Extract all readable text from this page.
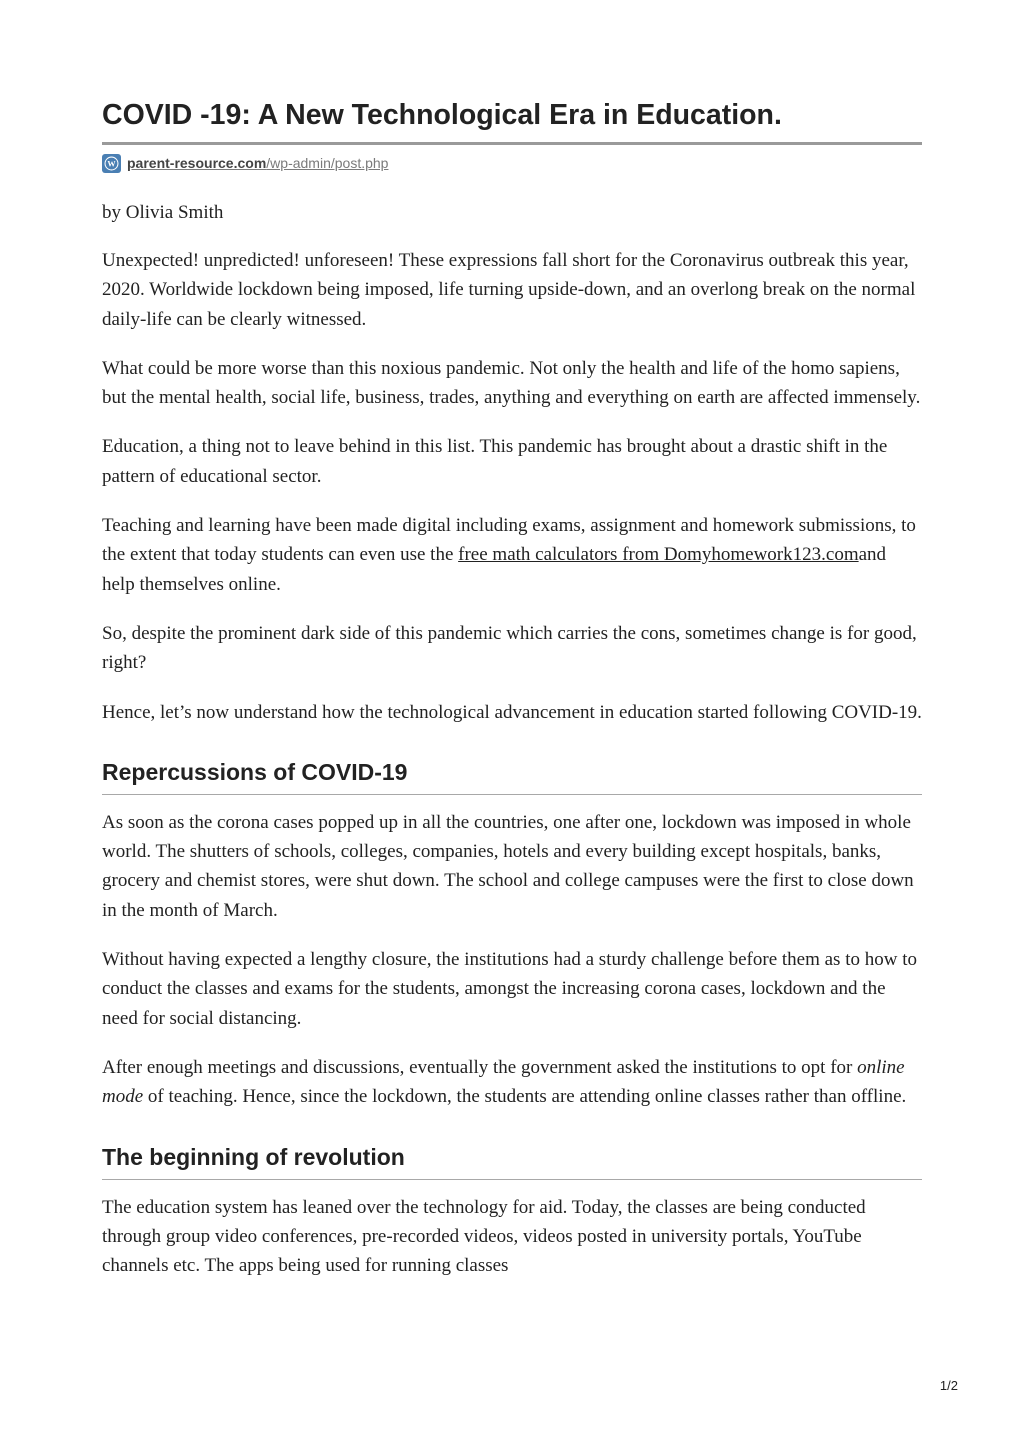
COVID -19: A New Technological Era in Education.
W parent-resource.com/wp-admin/post.php

by Olivia Smith

Unexpected! unpredicted! unforeseen! These expressions fall short for the Coronavirus outbreak this year, 2020. Worldwide lockdown being imposed, life turning upside-down, and an overlong break on the normal daily-life can be clearly witnessed.

What could be more worse than this noxious pandemic. Not only the health and life of the homo sapiens, but the mental health, social life, business, trades, anything and everything on earth are affected immensely.

Education, a thing not to leave behind in this list. This pandemic has brought about a drastic shift in the pattern of educational sector.

Teaching and learning have been made digital including exams, assignment and homework submissions, to the extent that today students can even use the free math calculators from Domyhomework123.comand help themselves online.

So, despite the prominent dark side of this pandemic which carries the cons, sometimes change is for good, right?

Hence, let’s now understand how the technological advancement in education started following COVID-19.

Repercussions of COVID-19

As soon as the corona cases popped up in all the countries, one after one, lockdown was imposed in whole world. The shutters of schools, colleges, companies, hotels and every building except hospitals, banks, grocery and chemist stores, were shut down. The school and college campuses were the first to close down in the month of March.

Without having expected a lengthy closure, the institutions had a sturdy challenge before them as to how to conduct the classes and exams for the students, amongst the increasing corona cases, lockdown and the need for social distancing.

After enough meetings and discussions, eventually the government asked the institutions to opt for online mode of teaching. Hence, since the lockdown, the students are attending online classes rather than offline.

The beginning of revolution

The education system has leaned over the technology for aid. Today, the classes are being conducted through group video conferences, pre-recorded videos, videos posted in university portals, YouTube channels etc. The apps being used for running classes

1/2
